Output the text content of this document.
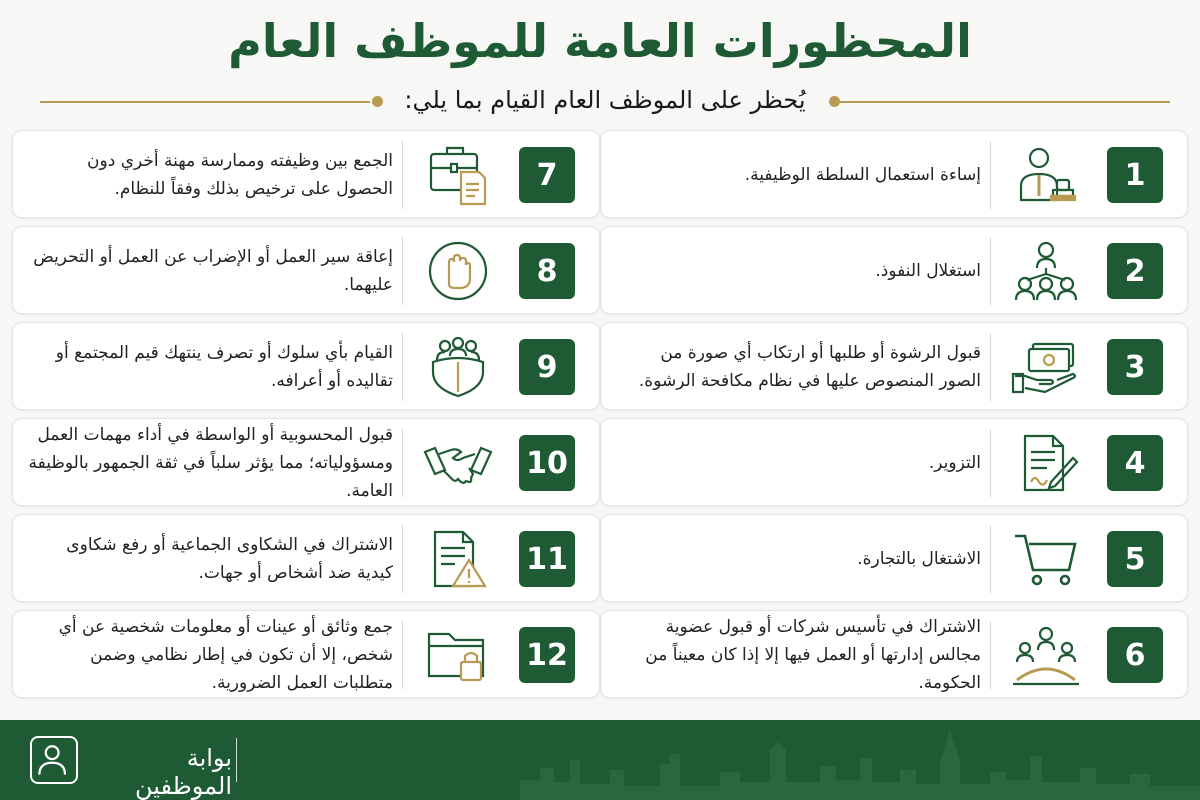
المحظورات العامة للموظف العام
يُحظر على الموظف العام القيام بما يلي:
1
إساءة استعمال السلطة الوظيفية.
2
استغلال النفوذ.
3
قبول الرشوة أو طلبها أو ارتكاب أي صورة من الصور المنصوص عليها في نظام مكافحة الرشوة.
4
التزوير.
5
الاشتغال بالتجارة.
6
الاشتراك في تأسيس شركات أو قبول عضوية مجالس إدارتها أو العمل فيها إلا إذا كان معيناً من الحكومة.
7
الجمع بين وظيفته وممارسة مهنة أخري دون الحصول على ترخيص بذلك وفقاً للنظام.
8
إعاقة سير العمل أو الإضراب عن العمل أو التحريض عليهما.
9
القيام بأي سلوك أو تصرف ينتهك قيم المجتمع أو تقاليده أو أعرافه.
10
قبول المحسوبية أو الواسطة في أداء مهمات العمل ومسؤولياته؛ مما يؤثر سلباً في ثقة الجمهور بالوظيفة العامة.
11
الاشتراك في الشكاوى الجماعية أو رفع شكاوى كيدية ضد أشخاص أو جهات.
12
جمع وثائق أو عينات أو معلومات شخصية عن أي شخص، إلا أن تكون في إطار نظامي وضمن متطلبات العمل الضرورية.
بوابة الموظفين
